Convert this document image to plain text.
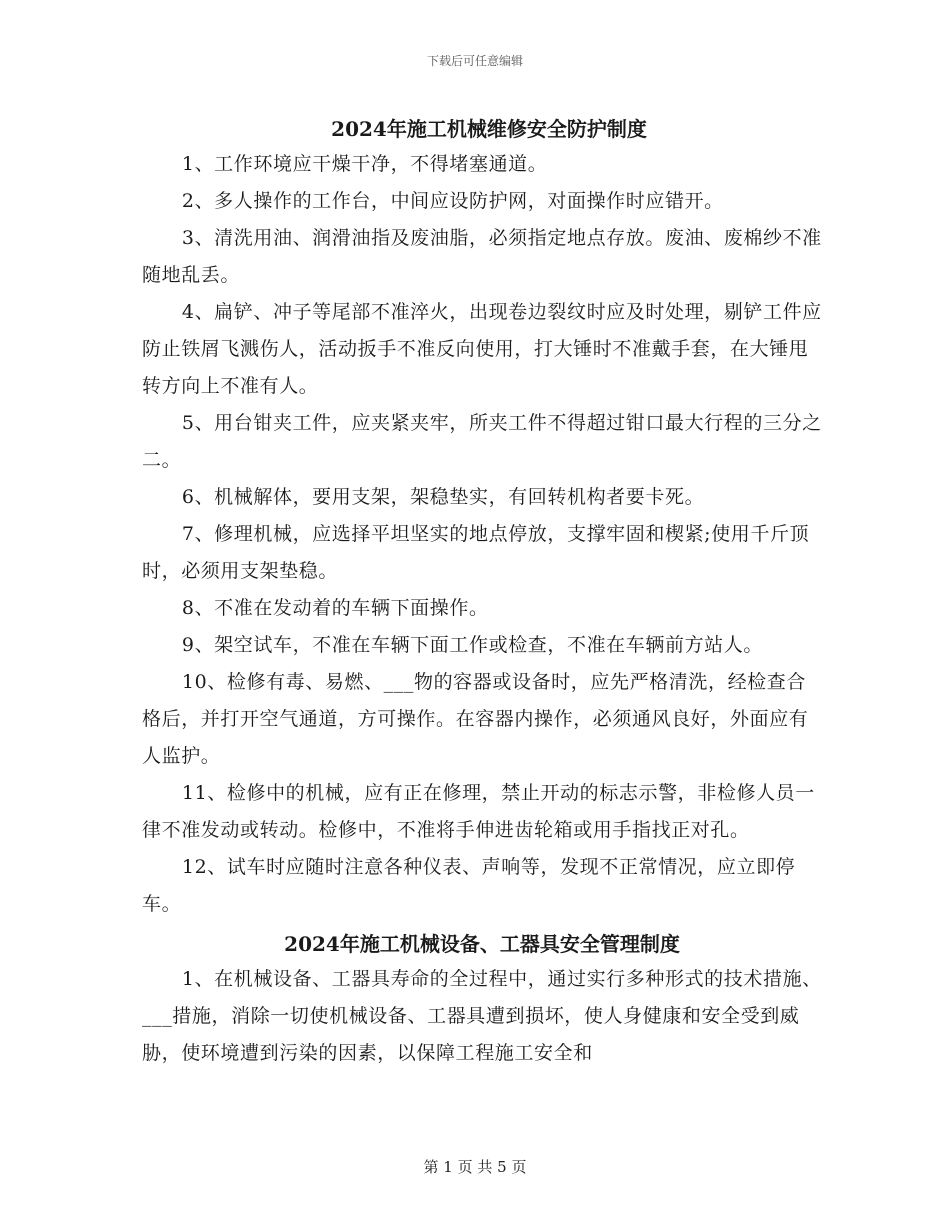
下载后可任意编辑
2024年施工机械维修安全防护制度

1、工作环境应干燥干净，不得堵塞通道。

2、多人操作的工作台，中间应设防护网，对面操作时应错开。

3、清洗用油、润滑油指及废油脂，必须指定地点存放。废油、废棉纱不准随地乱丢。

4、扁铲、冲子等尾部不准淬火，出现卷边裂纹时应及时处理，剔铲工件应防止铁屑飞溅伤人，活动扳手不准反向使用，打大锤时不准戴手套，在大锤甩转方向上不准有人。

5、用台钳夹工件，应夹紧夹牢，所夹工件不得超过钳口最大行程的三分之二。

6、机械解体，要用支架，架稳垫实，有回转机构者要卡死。

7、修理机械，应选择平坦坚实的地点停放，支撑牢固和楔紧;使用千斤顶时，必须用支架垫稳。

8、不准在发动着的车辆下面操作。

9、架空试车，不准在车辆下面工作或检查，不准在车辆前方站人。

10、检修有毒、易燃、___物的容器或设备时，应先严格清洗，经检查合格后，并打开空气通道，方可操作。在容器内操作，必须通风良好，外面应有人监护。

11、检修中的机械，应有正在修理，禁止开动的标志示警，非检修人员一律不准发动或转动。检修中，不准将手伸进齿轮箱或用手指找正对孔。

12、试车时应随时注意各种仪表、声响等，发现不正常情况，应立即停车。

2024年施工机械设备、工器具安全管理制度

1、在机械设备、工器具寿命的全过程中，通过实行多种形式的技术措施、___措施，消除一切使机械设备、工器具遭到损坏，使人身健康和安全受到威胁，使环境遭到污染的因素，以保障工程施工安全和

第 1 页 共 5 页
